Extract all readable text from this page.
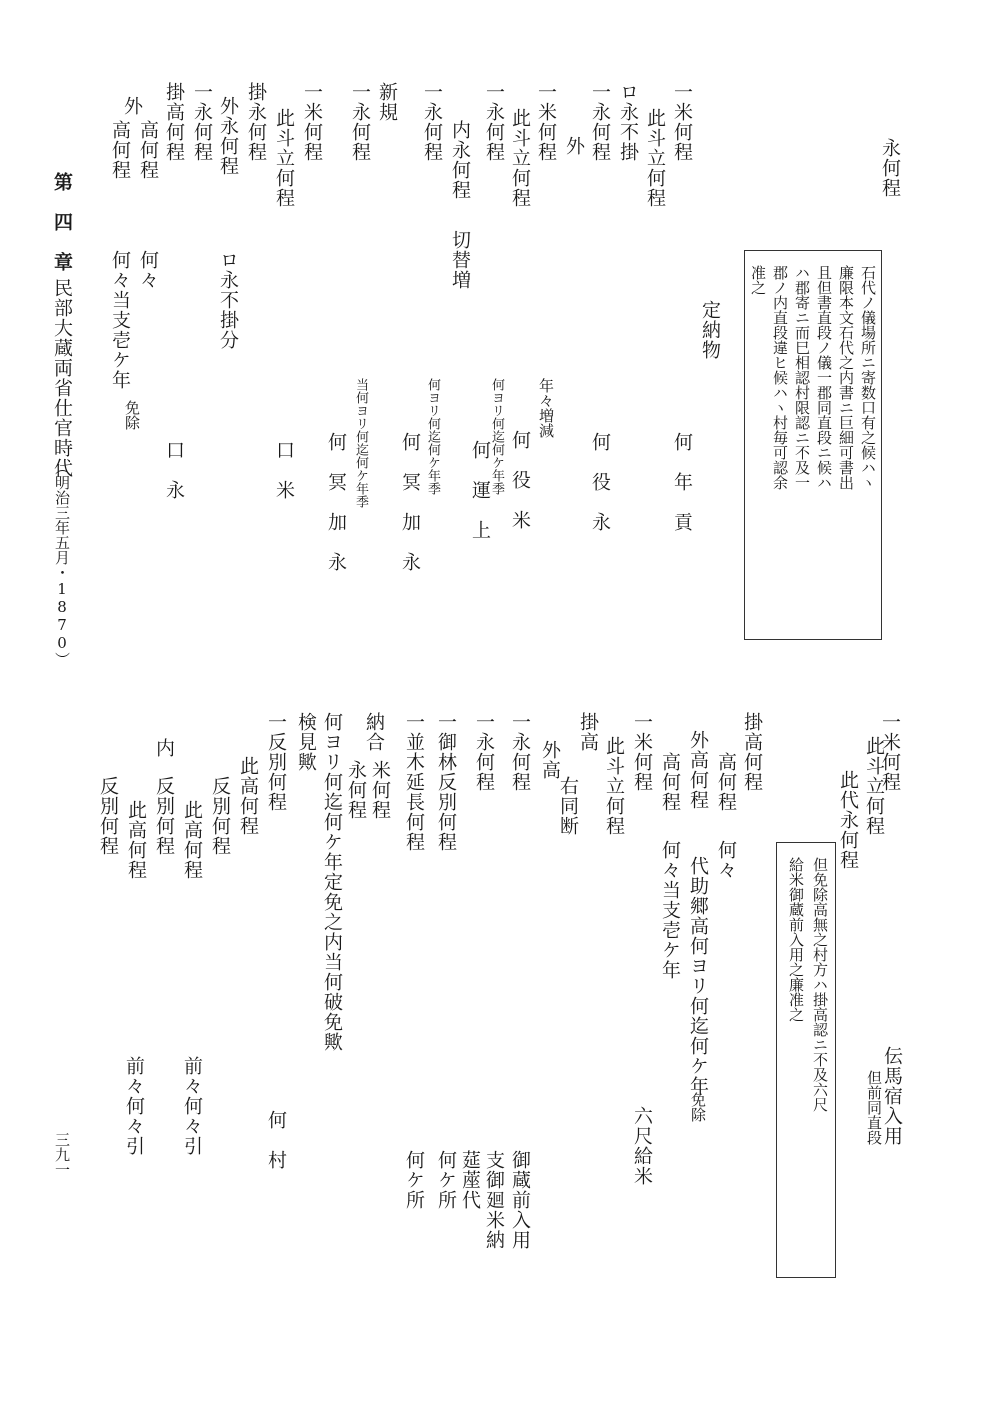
永何程
石代ノ儀場所ニ寄数口有之候ハヽ
廉限本文石代之内書ニ巨細可書出
且但書直段ノ儀一郡同直段ニ候ハ
ハ郡寄ニ而巳相認村限認ニ不及一
郡ノ内直段違ヒ候ハヽ村毎可認余
准之
定納物
一米何程
何　年　貢
此斗立何程
ロ永不掛
一永何程
何　役　永
外
一米何程
年々増減
此斗立何程
何　役　米
何ヨリ何迄何ケ年季
一永何程
何　運　上
切替増
内永何程
何ヨリ何迄何ケ年季
何　冥　加　永
一永何程
新規
一永何程
当何ヨリ何迄何ケ年季
何　冥　加　永
一米何程
此斗立何程
口　米
掛永何程
外永何程
ロ永不掛分
一永何程
掛高何程
何々
口　永
外
高何程
高何程
何々当支壱ケ年
免除
第　四　章
民部大蔵両省仕官時代
（明治三年五月・1870）
一米何程
此斗立何程
此代永何程
伝馬宿入用
但前同直段
但免除高無之村方ハ掛高認ニ不及六尺
給米御蔵前入用之廉准之
掛高何程
高何程
何々
外高何程
代助郷高何ヨリ何迄何ケ年
免除
高何程
何々当支壱ケ年
一米何程
六尺給米
此斗立何程
掛高
外高
右同断
一永何程
御蔵前入用
一永何程
支御廻米納
莚蓙代
一御林反別何程
何ケ所
一並木延長何程
何ケ所
納合
米何程
永何程
何ヨリ何迄何ケ年定免之内当何破免歟
検見歟
一反別何程
何　村
此高何程
反別何程
内
此高何程
前々何々引
反別何程
此高何程
反別何程
前々何々引
三九一
